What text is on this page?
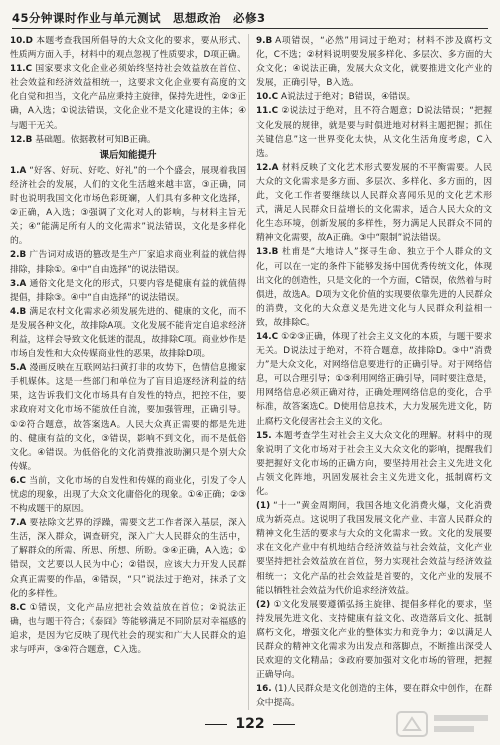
45分钟课时作业与单元测试 思想政治 必修3
10.D 本题考查我国所倡导的大众文化的要求，要从形式、性质两方面入手，材料中的观点忽视了性质要求，D项正确。
11.C 国家要求文化企业必须始终坚持社会效益放在首位、社会效益和经济效益相统一，这要求文化企业要有高度的文化自觉和担当，文化产品应秉持主旋律，保持先进性，②③正确，A入选；①说法错误，文化企业不是文化建设的主体；④与题干无关。
12.B 基础题。依据教材可知B正确。
课后知能提升
1.A “好客、好玩、好吃、好礼”的一个个盛会，展现着我国经济社会的发展，人们的文化生活越来越丰富，③正确，同时也说明我国文化市场色彩斑斓，人们具有多种文化选择，②正确，A入选；③强调了文化对人的影响，与材料主旨无关；④“能满足所有人的文化需求”说法错误，文化是多样化的。
2.B 广告词对成语的篡改是生产厂家追求商业利益的就信得排除，排除①。④中“自由选择”的说法错误。
3.A 通俗文化是文化的形式，只要内容是健康有益的就值得提倡，排除③。④中“自由选择”的说法错误。
4.B 满足农村文化需求必须发展先进的、健康的文化，而不是发展各种文化，故排除A项。文化发展不能肯定自追求经济利益，这样会导致文化低迷的混乱，故排除C项。商业炒作是市场自发性和大众传媒商业性的恶果，故排除D项。
5.A 漫画反映在互联网站扫黄打非的攻势下，色情信息搬家手机媒体。这是一些部门和单位为了盲目追逐经济利益的结果，这告诉我们文化市场具有自发性的特点，把控不住，要求政府对文化市场不能放任自流，要加强管理，正确引导。①②符合题意，故答案选A。人民大众真正需要的都是先进的、健康有益的文化，③错误，影响不到文化，而不是低俗文化。④错误。为低俗化的文化消费推波助澜只是个别大众传媒。
6.C 当前，文化市场的自发性和传媒的商业化，引发了令人忧虑的现象，出现了大众文化庸俗化的现象。①④正确；②③不构成题干的原因。
7.A 要祛除文艺界的浮躁，需要文艺工作者深入基层，深入生活，深入群众，调查研究，深入广大人民群众的生活中，了解群众的所需、所思、所想、所盼。③④正确，A入选；①错误，文艺要以人民为中心；②错误，应该大力开发人民群众真正需要的作品，④错误，“只”说法过于绝对，抹杀了文化的多样性。
8.C ①错误，文化产品应把社会效益放在首位；②说法正确，也与题干符合；《泰囧》等能够满足不同阶层对幸福感的追求，是因为它反映了现代社会的现实和广大人民群众的追求与呼声，③④符合题意，C入选。
9.B A项错误，“必然”用词过于绝对；材料不涉及腐朽文化，C不选；②材料说明要发展多样化、多层次、多方面的大众文化；④说法正确，发展大众文化，就要推进文化产业的发展，正确引导，B入选。
10.C A说法过于绝对；B错误，④错误。
11.C ②说法过于绝对，且不符合题意；D说法错误；“把握文化发展的规律，就是要与时俱进地对材料主题把握；抓住关键信息”这一世界变化太快，从文化生活角度考虑，C入选。
12.A 材料反映了文化艺术形式要发展的不平衡需要。人民大众的文化需求是多方面、多层次、多样化、多方面的，因此，文化工作者要继续以人民群众喜闻乐见的文化艺术形式，满足人民群众日益增长的文化需求，适合人民大众的文化生态环境，创新发展的多样性，努力满足人民群众不同的精神文化需要，故A正确。③中“限制”说法错误。
13.B 杜甫是“大地诗人”探寻生命、独立于个人群众的文化，可以在一定的条件下能够发扬中国优秀传统文化，体现出文化的创造性，只是文化的一个方面，C错误，依然着与时俱进，故选A。D项为文化价值的实现要依靠先进的人民群众的消费，文化的大众意义是先进文化与人民群众利益相一致，故排除C。
14.C ①②③正确，体现了社会主义文化的本质，与题干要求无关。D说法过于绝对，不符合题意，故排除D。③中“消费力”是大众文化，对网络信息要进行的正确引导。对于网络信息，可以合理引导；①③利用网络正确引导，同时要注意是，用网络信息必须正确对待，正确处理网络信息的变化，合乎标准，故答案选C。D使用信息技术，大力发展先进文化，防止腐朽文化侵害社会主义的文化。
15. 本题考查学生对社会主义大众文化的理解。材料中的现象说明了文化市场对于社会主义大众文化的影响，提醒我们要把握好文化市场的正确方向，要坚持用社会主义先进文化占领文化阵地，巩固发展社会主义先进文化，抵制腐朽文化。
(1) “十一”黄金周期间，我国各地文化消费火爆，文化消费成为新亮点。这说明了我国发展文化产业、丰富人民群众的精神文化生活的要求与大众的文化需求一致。文化的发展要求在文化产业中有机地结合经济效益与社会效益，文化产业要坚持把社会效益放在首位，努力实现社会效益与经济效益相统一；文化产品的社会效益是首要的，文化产业的发展不能以牺牲社会效益为代价追求经济效益。
(2) ①文化发展要遵循弘扬主旋律、提倡多样化的要求，坚持发展先进文化、支持健康有益文化、改造落后文化、抵制腐朽文化，增强文化产业的整体实力和竞争力；②以满足人民群众的精神文化需求为出发点和落脚点，不断推出深受人民欢迎的文化精品；③政府要加强对文化市场的管理，把握正确导向。
16. (1)人民群众是文化创造的主体，要在群众中创作，在群众中提高。
122
